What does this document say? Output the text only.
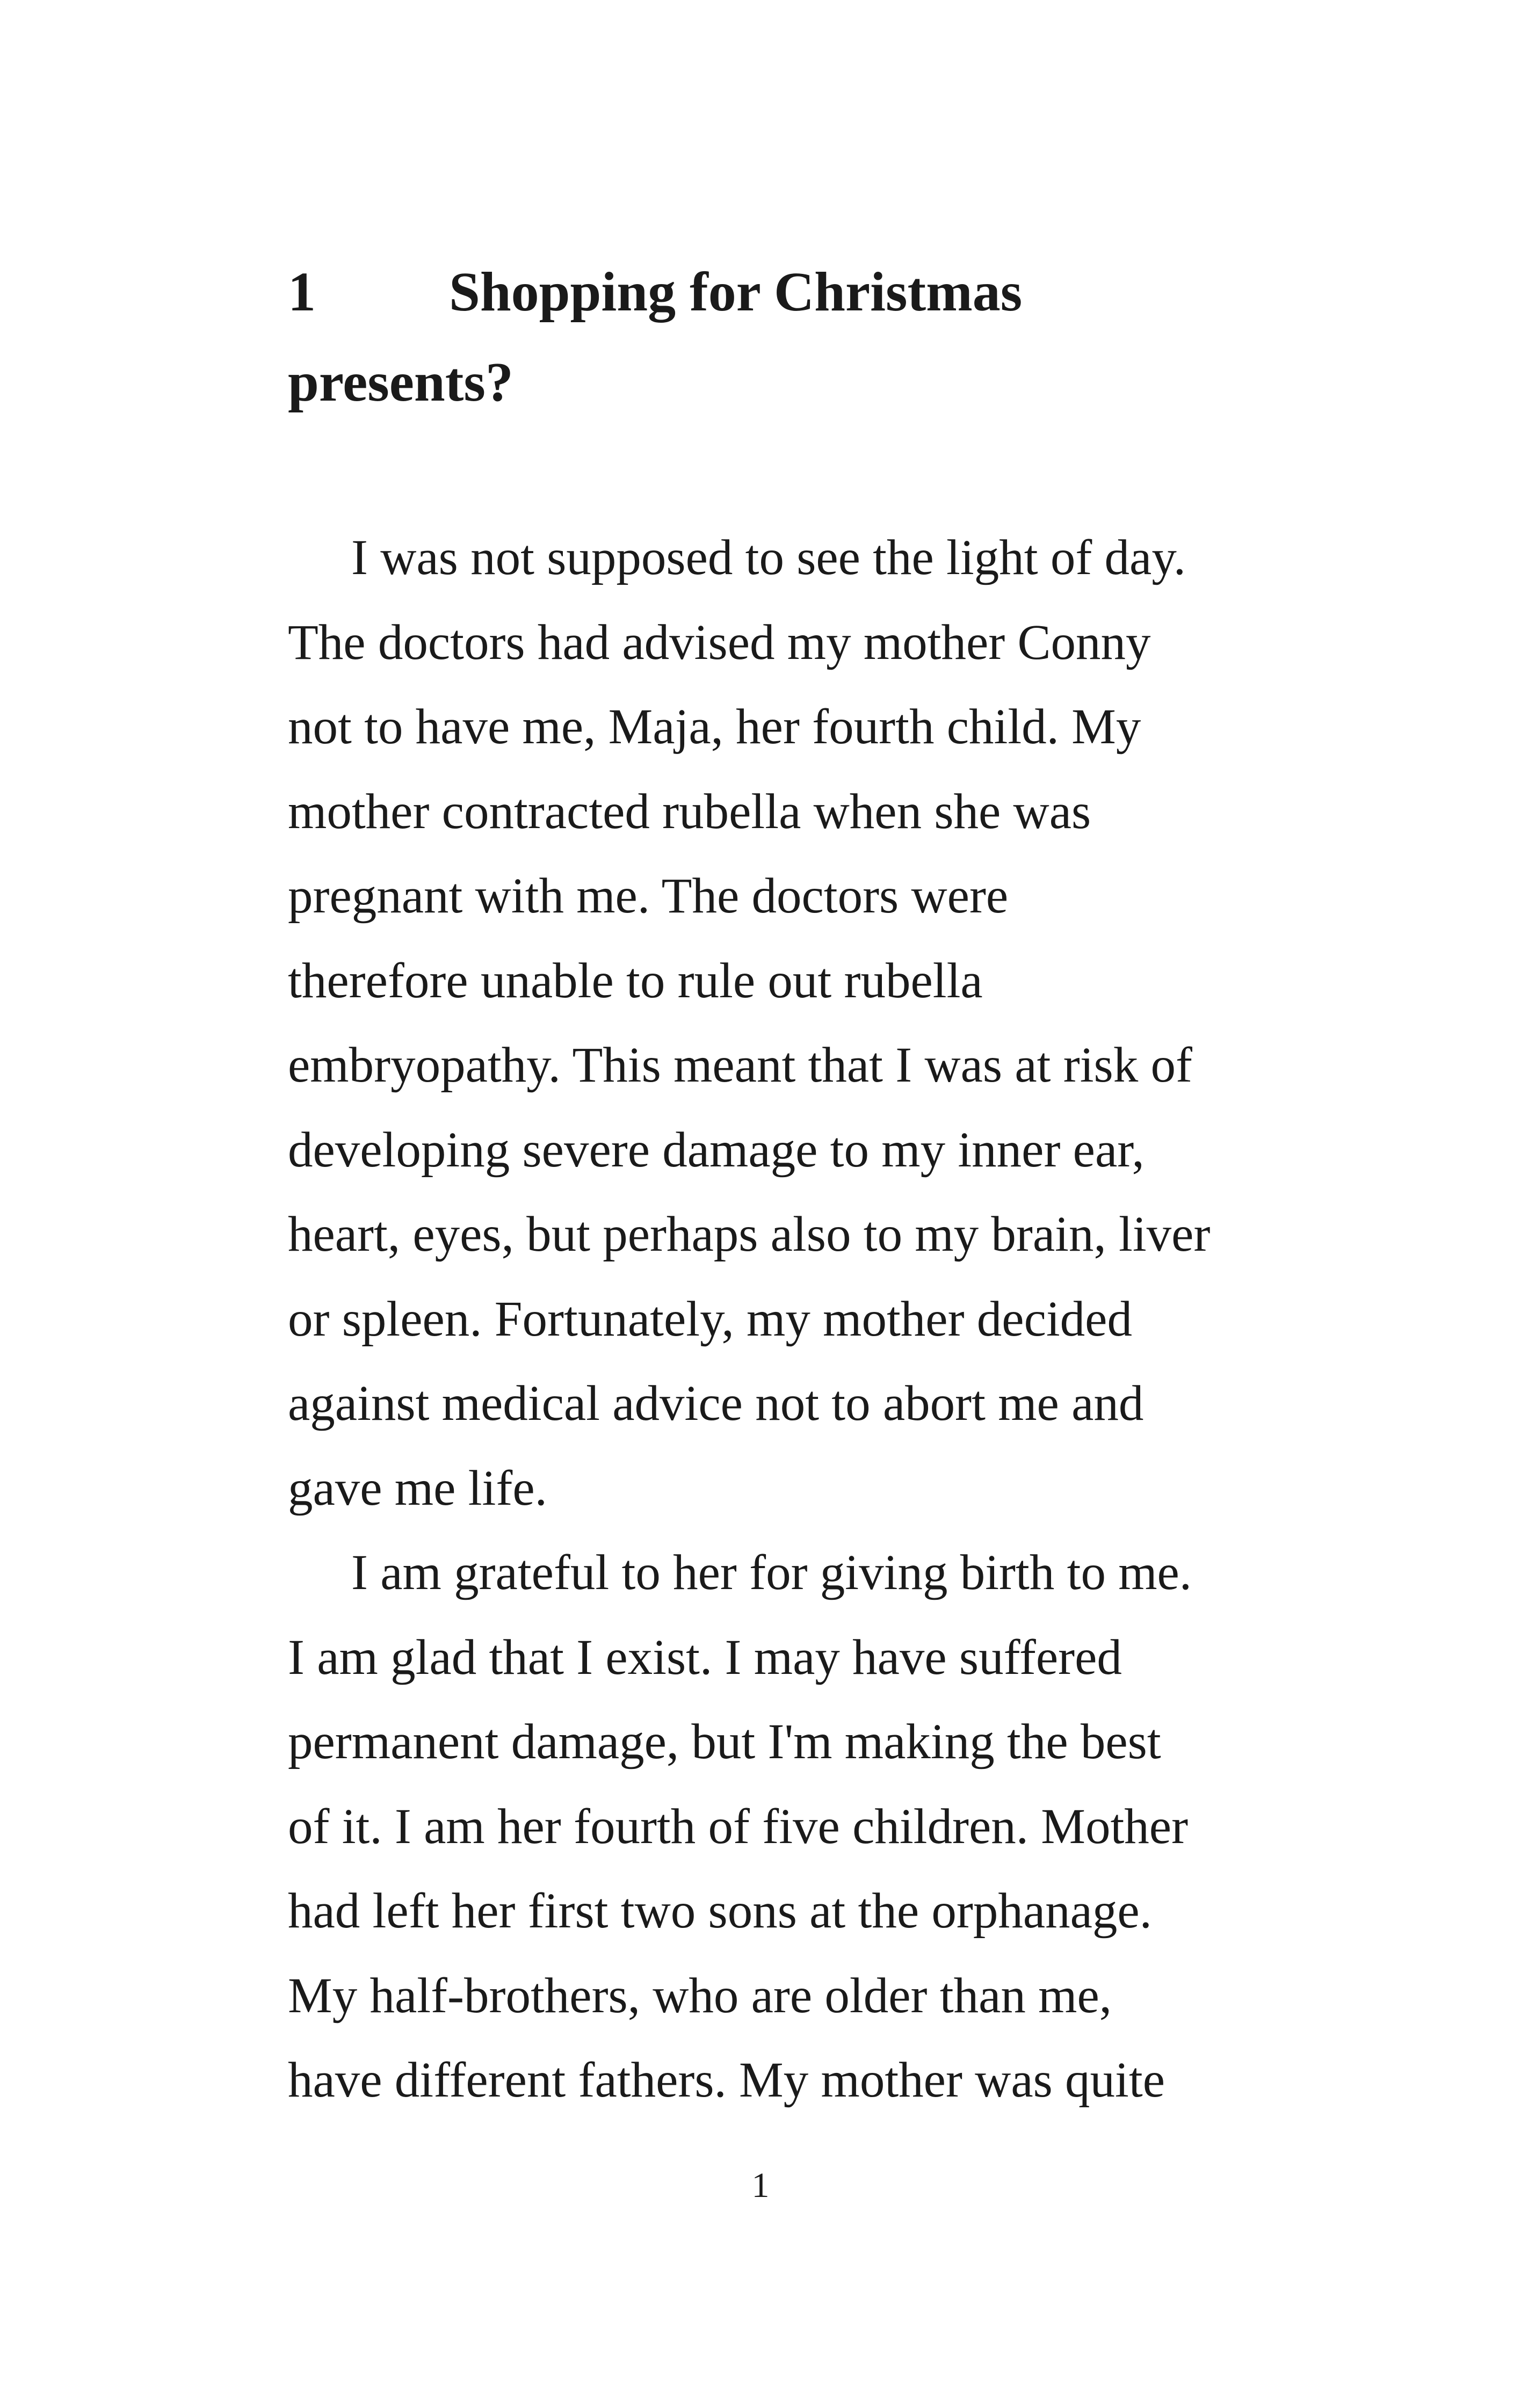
1 Shopping for Christmas
presents?
I was not supposed to see the light of day.
The doctors had advised my mother Conny
not to have me, Maja, her fourth child. My
mother contracted rubella when she was
pregnant with me. The doctors were
therefore unable to rule out rubella
embryopathy. This meant that I was at risk of
developing severe damage to my inner ear,
heart, eyes, but perhaps also to my brain, liver
or spleen. Fortunately, my mother decided
against medical advice not to abort me and
gave me life.
I am grateful to her for giving birth to me.
I am glad that I exist. I may have suffered
permanent damage, but I'm making the best
of it. I am her fourth of five children. Mother
had left her first two sons at the orphanage.
My half-brothers, who are older than me,
have different fathers. My mother was quite
1
